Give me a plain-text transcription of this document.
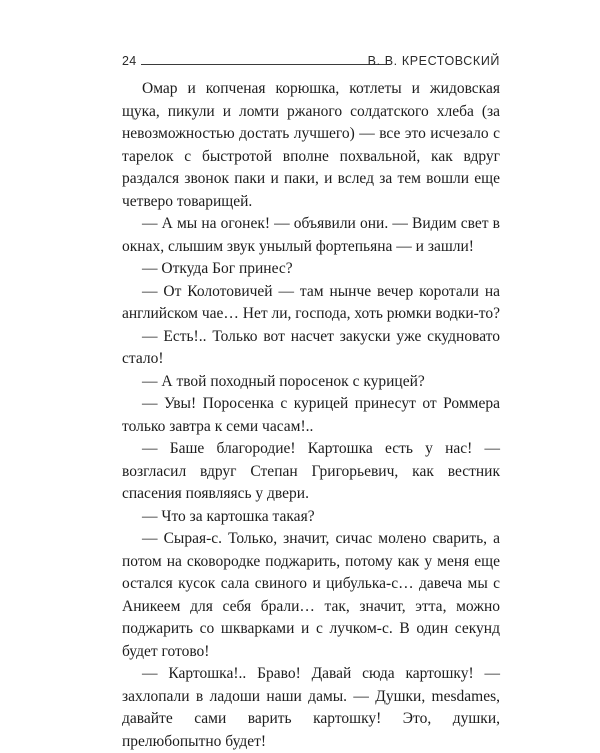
24	В. В. КРЕСТОВСКИЙ

Омар и копченая корюшка, котлеты и жидовская щука, пикули и ломти ржаного солдатского хлеба (за невозможностью достать лучшего) — все это исчезало с тарелок с быстротой вполне похвальной, как вдруг раздался звонок паки и паки, и вслед за тем вошли еще четверо товарищей.

— А мы на огонек! — объявили они. — Видим свет в окнах, слышим звук унылый фортепьяна — и зашли!

— Откуда Бог принес?

— От Колотовичей — там нынче вечер коротали на английском чае… Нет ли, господа, хоть рюмки водки-то?

— Есть!.. Только вот насчет закуски уже скудновато стало!

— А твой походный поросенок с курицей?

— Увы! Поросенка с курицей принесут от Роммера только завтра к семи часам!..

— Баше благородие! Картошка есть у нас! — возгласил вдруг Степан Григорьевич, как вестник спасения появляясь у двери.

— Что за картошка такая?

— Сырая-с. Только, значит, сичас молено сварить, а потом на сковородке поджарить, потому как у меня еще остался кусок сала свиного и цибулька-с… давеча мы с Аникеем для себя брали… так, значит, этта, можно поджарить со шкварками и с лучком-с. В один секунд будет готово!

— Картошка!.. Браво! Давай сюда картошку! — захлопали в ладоши наши дамы. — Душки, mesdames, давайте сами варить картошку! Это, душки, прелюбопытно будет!
